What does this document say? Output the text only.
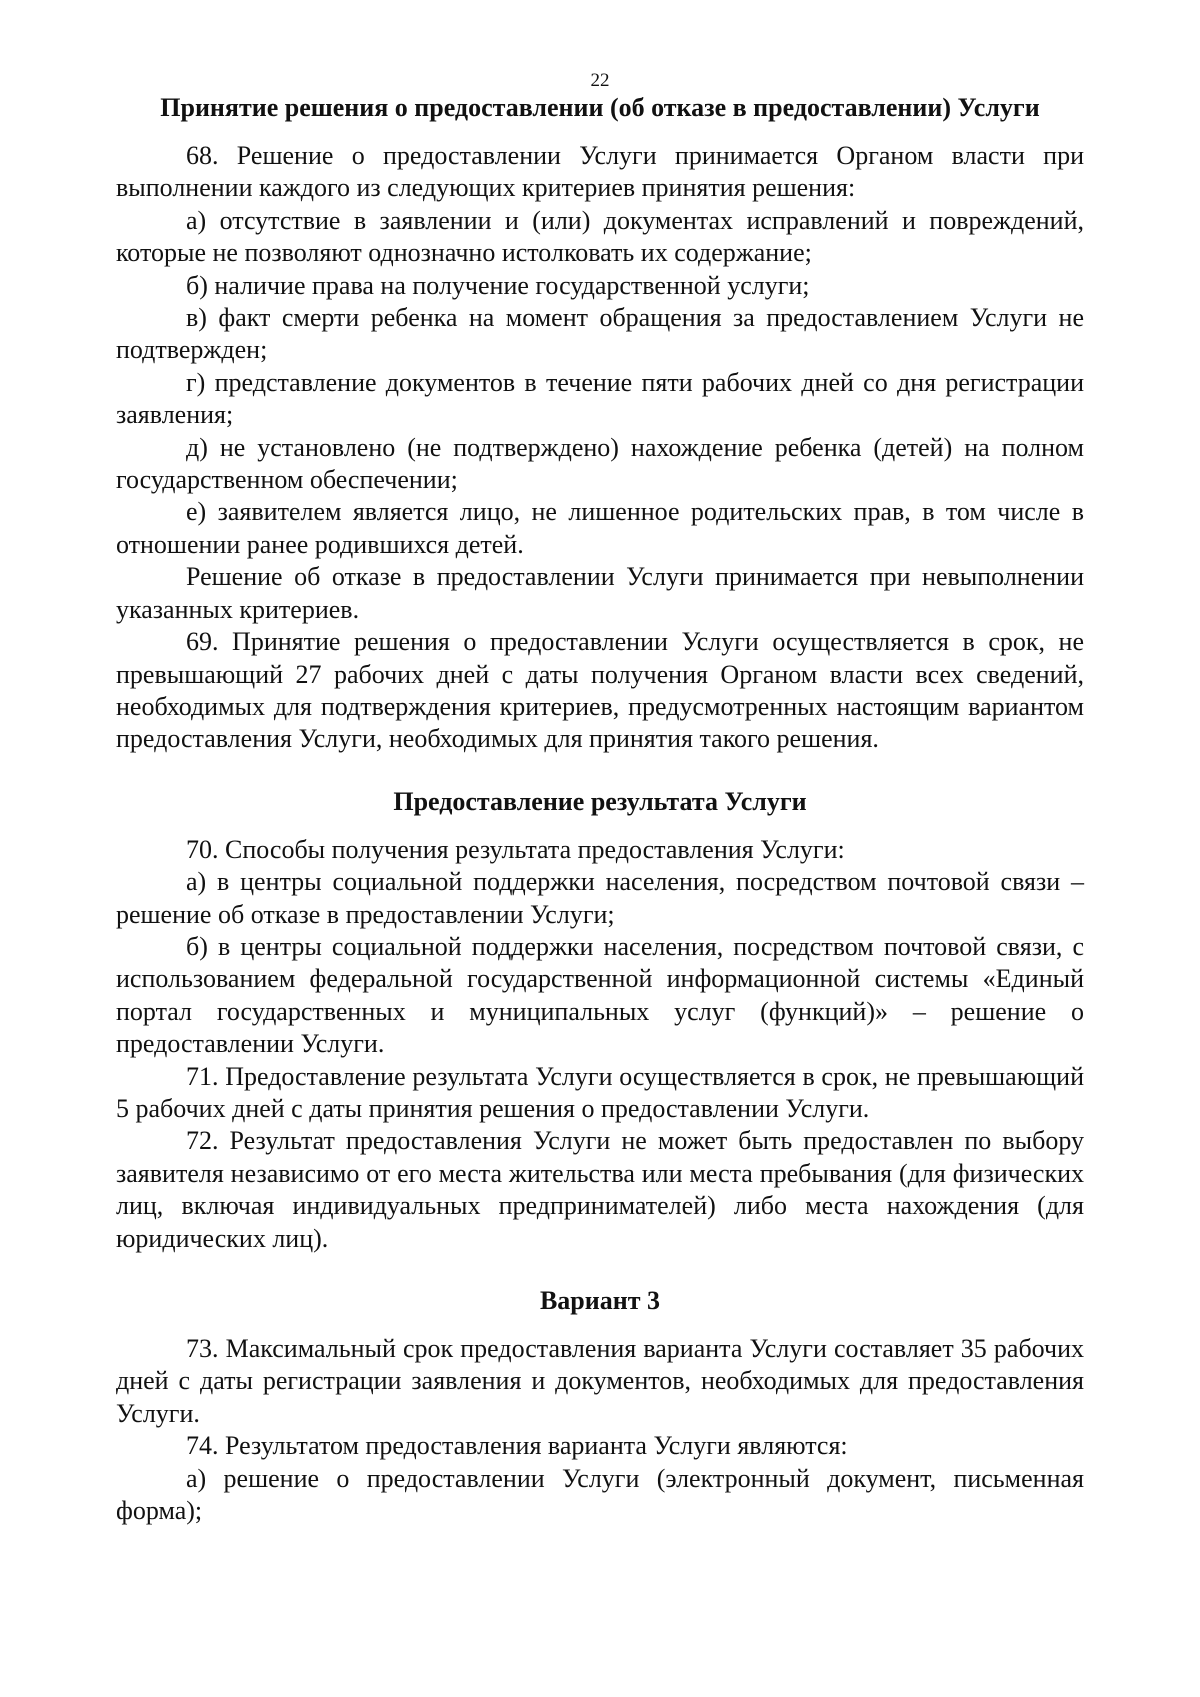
22
Принятие решения о предоставлении (об отказе в предоставлении) Услуги

68. Решение о предоставлении Услуги принимается Органом власти при выполнении каждого из следующих критериев принятия решения:

а) отсутствие в заявлении и (или) документах исправлений и повреждений, которые не позволяют однозначно истолковать их содержание;

б) наличие права на получение государственной услуги;

в) факт смерти ребенка на момент обращения за предоставлением Услуги не подтвержден;

г) представление документов в течение пяти рабочих дней со дня регистрации заявления;

д) не установлено (не подтверждено) нахождение ребенка (детей) на полном государственном обеспечении;

е) заявителем является лицо, не лишенное родительских прав, в том числе в отношении ранее родившихся детей.

Решение об отказе в предоставлении Услуги принимается при невыполнении указанных критериев.

69. Принятие решения о предоставлении Услуги осуществляется в срок, не превышающий 27 рабочих дней с даты получения Органом власти всех сведений, необходимых для подтверждения критериев, предусмотренных настоящим вариантом предоставления Услуги, необходимых для принятия такого решения.

Предоставление результата Услуги

70. Способы получения результата предоставления Услуги:

а) в центры социальной поддержки населения, посредством почтовой связи – решение об отказе в предоставлении Услуги;

б) в центры социальной поддержки населения, посредством почтовой связи, с использованием федеральной государственной информационной системы «Единый портал государственных и муниципальных услуг (функций)» – решение о предоставлении Услуги.

71. Предоставление результата Услуги осуществляется в срок, не превышающий 5 рабочих дней с даты принятия решения о предоставлении Услуги.

72. Результат предоставления Услуги не может быть предоставлен по выбору заявителя независимо от его места жительства или места пребывания (для физических лиц, включая индивидуальных предпринимателей) либо места нахождения (для юридических лиц).

Вариант 3

73. Максимальный срок предоставления варианта Услуги составляет 35 рабочих дней с даты регистрации заявления и документов, необходимых для предоставления Услуги.

74. Результатом предоставления варианта Услуги являются:

а) решение о предоставлении Услуги (электронный документ, письменная форма);
